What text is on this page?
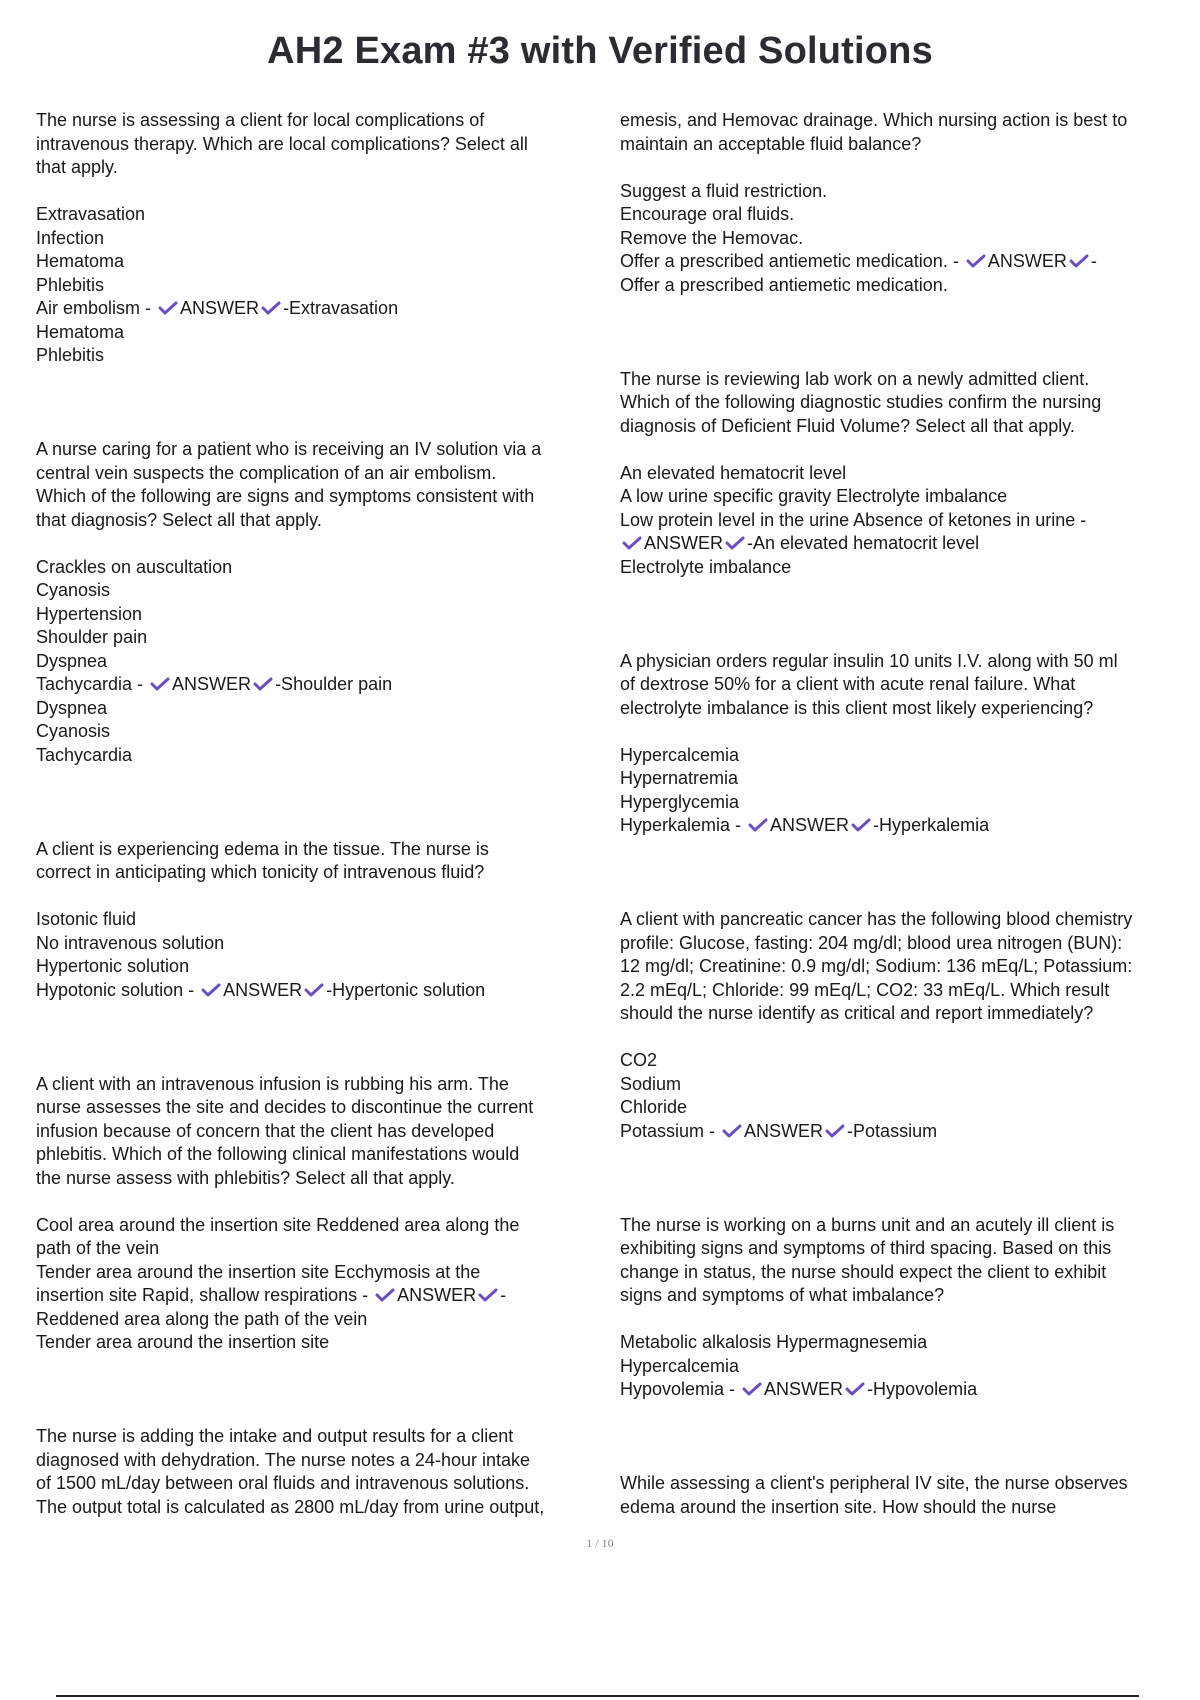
AH2 Exam #3 with Verified Solutions
The nurse is assessing a client for local complications of
intravenous therapy. Which are local complications? Select all
that apply.
Extravasation
Infection
Hematoma
Phlebitis
Air embolism -
ANSWER -Extravasation
Hematoma
Phlebitis
A nurse caring for a patient who is receiving an IV solution via a
central vein suspects the complication of an air embolism.
Which of the following are signs and symptoms consistent with
that diagnosis? Select all that apply.
Crackles on auscultation
Cyanosis
Hypertension
Shoulder pain
Dyspnea
Tachycardia -
ANSWER -Shoulder pain
Dyspnea
Cyanosis
Tachycardia
A client is experiencing edema in the tissue. The nurse is
correct in anticipating which tonicity of intravenous fluid?
Isotonic fluid
No intravenous solution
Hypertonic solution
Hypotonic solution -
ANSWER -Hypertonic solution
A client with an intravenous infusion is rubbing his arm. The
nurse assesses the site and decides to discontinue the current
infusion because of concern that the client has developed
phlebitis. Which of the following clinical manifestations would
the nurse assess with phlebitis? Select all that apply.
Cool area around the insertion site Reddened area along the
path of the vein
Tender area around the insertion site Ecchymosis at the
insertion site Rapid, shallow respirations -
ANSWER -
Reddened area along the path of the vein
Tender area around the insertion site
The nurse is adding the intake and output results for a client
diagnosed with dehydration. The nurse notes a 24-hour intake
of 1500 mL/day between oral fluids and intravenous solutions.
The output total is calculated as 2800 mL/day from urine output,
emesis, and Hemovac drainage. Which nursing action is best to
maintain an acceptable fluid balance?
Suggest a fluid restriction.
Encourage oral fluids.
Remove the Hemovac.
Offer a prescribed antiemetic medication. -
ANSWER -
Offer a prescribed antiemetic medication.
The nurse is reviewing lab work on a newly admitted client.
Which of the following diagnostic studies confirm the nursing
diagnosis of Deficient Fluid Volume? Select all that apply.
An elevated hematocrit level
A low urine specific gravity Electrolyte imbalance
Low protein level in the urine Absence of ketones in urine -
ANSWER -An elevated hematocrit level
Electrolyte imbalance
A physician orders regular insulin 10 units I.V. along with 50 ml
of dextrose 50% for a client with acute renal failure. What
electrolyte imbalance is this client most likely experiencing?
Hypercalcemia
Hypernatremia
Hyperglycemia
Hyperkalemia -
ANSWER -Hyperkalemia
A client with pancreatic cancer has the following blood chemistry
profile: Glucose, fasting: 204 mg/dl; blood urea nitrogen (BUN):
12 mg/dl; Creatinine: 0.9 mg/dl; Sodium: 136 mEq/L; Potassium:
2.2 mEq/L; Chloride: 99 mEq/L; CO2: 33 mEq/L. Which result
should the nurse identify as critical and report immediately?
CO2
Sodium
Chloride
Potassium -
ANSWER -Potassium
The nurse is working on a burns unit and an acutely ill client is
exhibiting signs and symptoms of third spacing. Based on this
change in status, the nurse should expect the client to exhibit
signs and symptoms of what imbalance?
Metabolic alkalosis Hypermagnesemia
Hypercalcemia
Hypovolemia -
ANSWER -Hypovolemia
While assessing a client's peripheral IV site, the nurse observes
edema around the insertion site. How should the nurse
1 / 10
